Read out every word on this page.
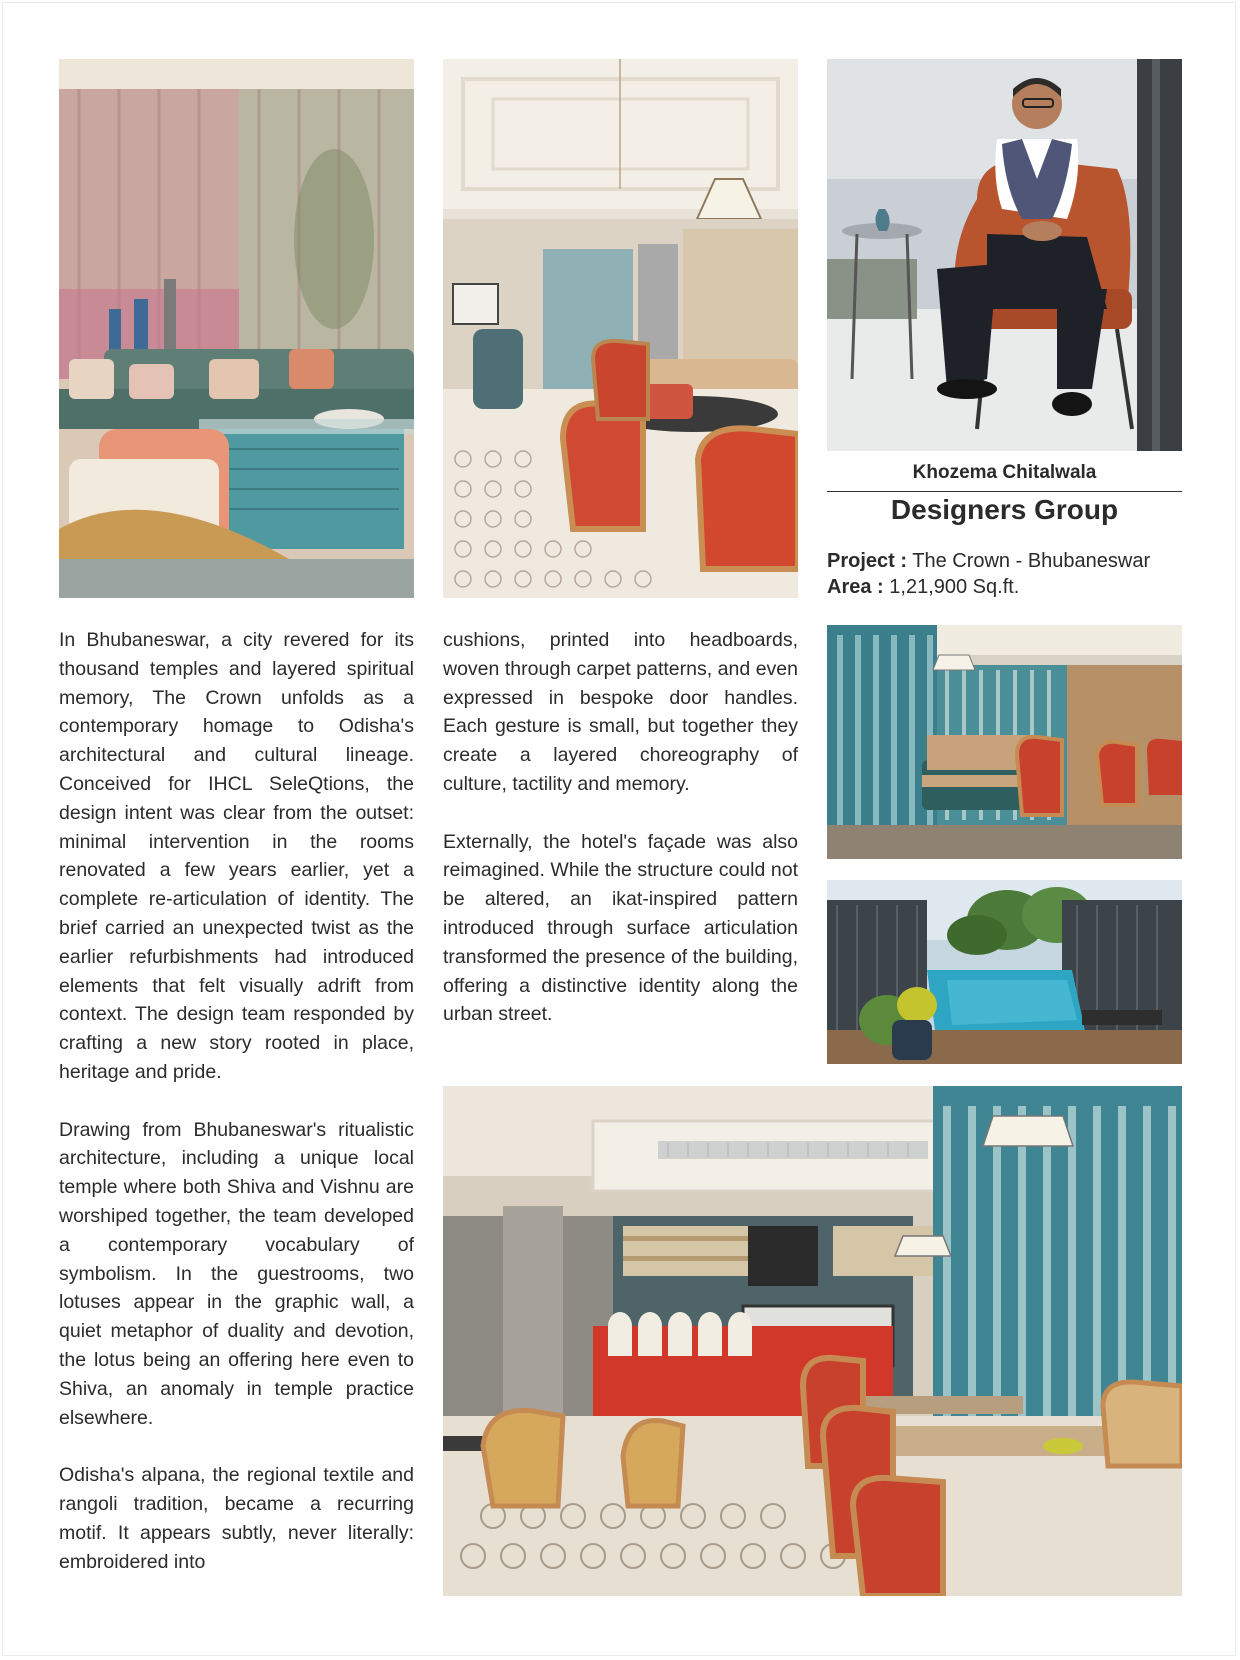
Khozema Chitalwala
Designers Group
Project : The Crown - Bhubaneswar
Area : 1,21,900 Sq.ft.

In Bhubaneswar, a city revered for its thousand temples and layered spiritual memory, The Crown unfolds as a contemporary homage to Odisha's architectural and cultural lineage. Conceived for IHCL SeleQtions, the design intent was clear from the outset: minimal intervention in the rooms renovated a few years earlier, yet a complete re-articulation of identity. The brief carried an unexpected twist as the earlier refurbishments had introduced elements that felt visually adrift from context. The design team responded by crafting a new story rooted in place, heritage and pride.

Drawing from Bhubaneswar's ritualistic architecture, including a unique local temple where both Shiva and Vishnu are worshiped together, the team developed a contemporary vocabulary of symbolism. In the guestrooms, two lotuses appear in the graphic wall, a quiet metaphor of duality and devotion, the lotus being an offering here even to Shiva, an anomaly in temple practice elsewhere.

Odisha's alpana, the regional textile and rangoli tradition, became a recurring motif. It appears subtly, never literally: embroidered into

cushions, printed into headboards, woven through carpet patterns, and even expressed in bespoke door handles. Each gesture is small, but together they create a layered choreography of culture, tactility and memory.

Externally, the hotel's façade was also reimagined. While the structure could not be altered, an ikat-inspired pattern introduced through surface articulation transformed the presence of the building, offering a distinctive identity along the urban street.
